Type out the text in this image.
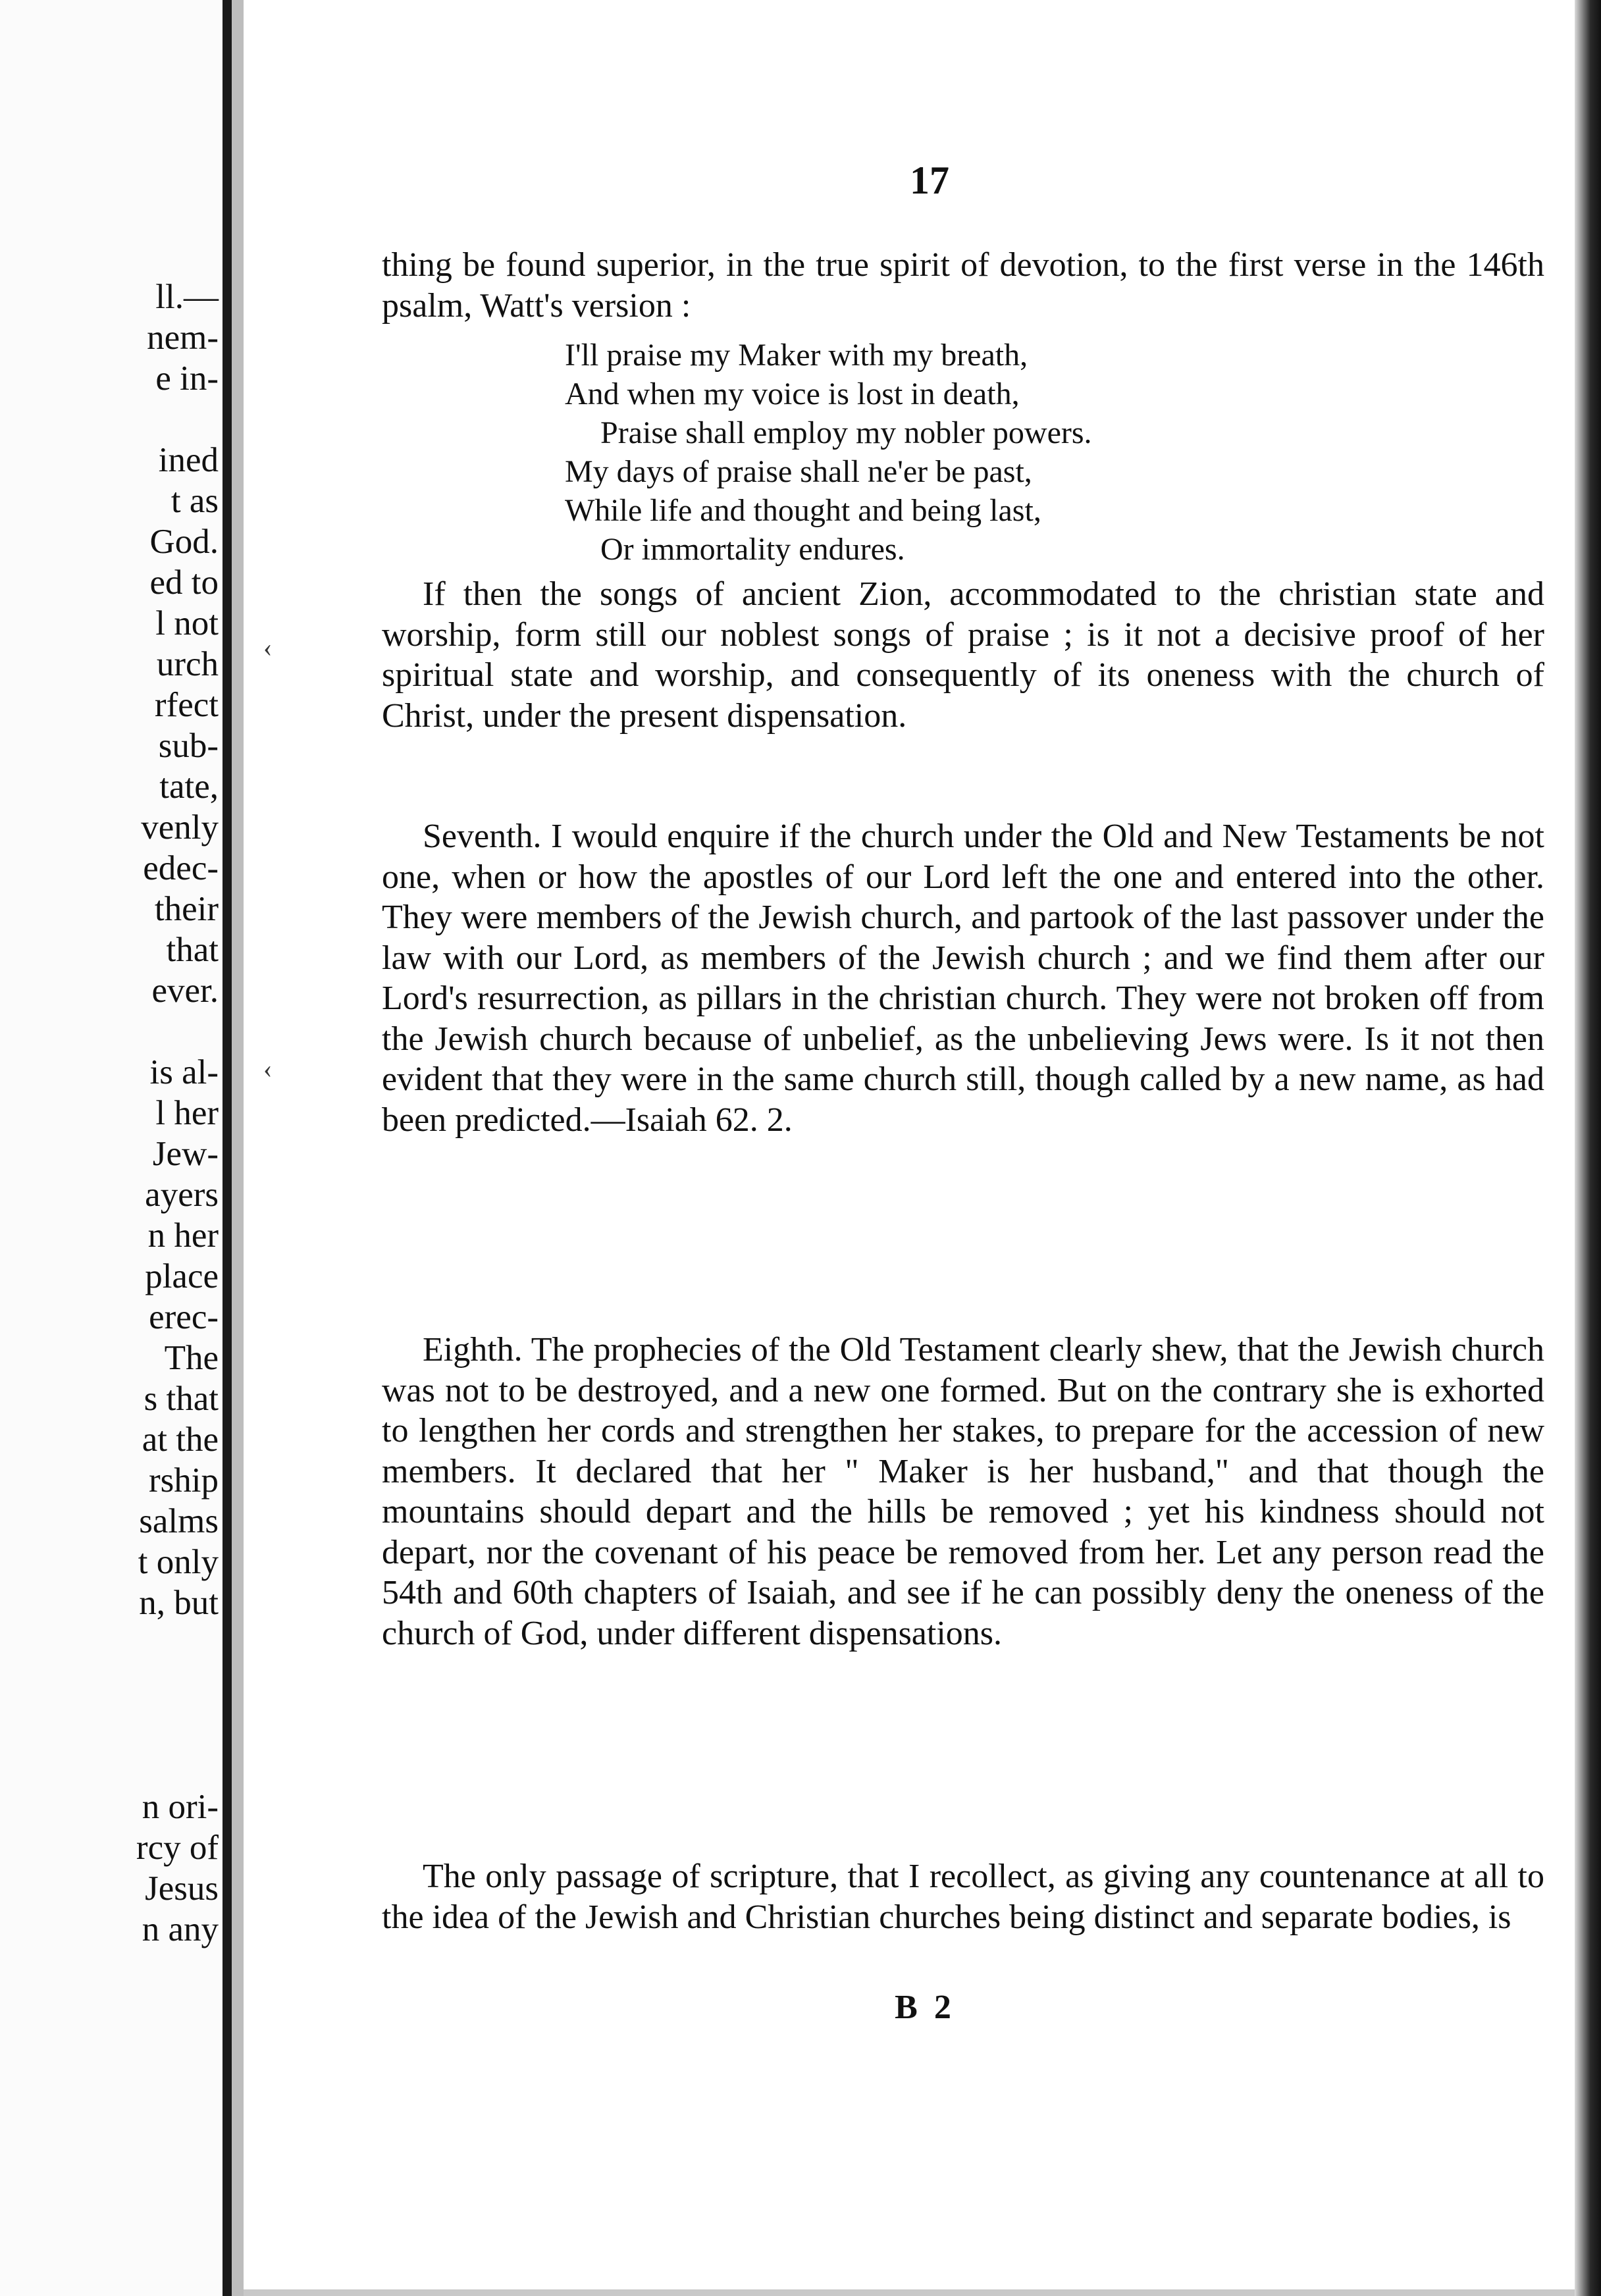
ll.—
nem-
e in-
ined
t as
God.
ed to
l not
urch
rfect
sub-
tate,
venly
edec-
their
that
ever.
is al-
l her
Jew-
ayers
n her
place
erec-
The
s that
at the
rship
salms
t only
n, but
n ori-
rcy of
Jesus
n any
17

thing be found superior, in the true spirit of devotion, to the first verse in the 146th psalm, Watt's version :

I'll praise my Maker with my breath,
And when my voice is lost in death,
Praise shall employ my nobler powers.
My days of praise shall ne'er be past,
While life and thought and being last,
Or immortality endures.

If then the songs of ancient Zion, accommodated to the christian state and worship, form still our noblest songs of praise ; is it not a decisive proof of her spiritual state and worship, and consequently of its oneness with the church of Christ, under the present dispensation.

Seventh. I would enquire if the church under the Old and New Testaments be not one, when or how the apostles of our Lord left the one and entered into the other. They were members of the Jewish church, and partook of the last passover under the law with our Lord, as members of the Jewish church ; and we find them after our Lord's resurrection, as pillars in the christian church. They were not broken off from the Jewish church because of unbelief, as the unbelieving Jews were. Is it not then evident that they were in the same church still, though called by a new name, as had been predicted.—Isaiah 62. 2.

Eighth. The prophecies of the Old Testament clearly shew, that the Jewish church was not to be destroyed, and a new one formed. But on the contrary she is exhorted to lengthen her cords and strengthen her stakes, to prepare for the accession of new members. It declared that her " Maker is her husband," and that though the mountains should depart and the hills be removed ; yet his kindness should not depart, nor the covenant of his peace be removed from her. Let any person read the 54th and 60th chapters of Isaiah, and see if he can possibly deny the oneness of the church of God, under different dispensations.

The only passage of scripture, that I recollect, as giving any countenance at all to the idea of the Jewish and Christian churches being distinct and separate bodies, is

B 2
‹
‹
